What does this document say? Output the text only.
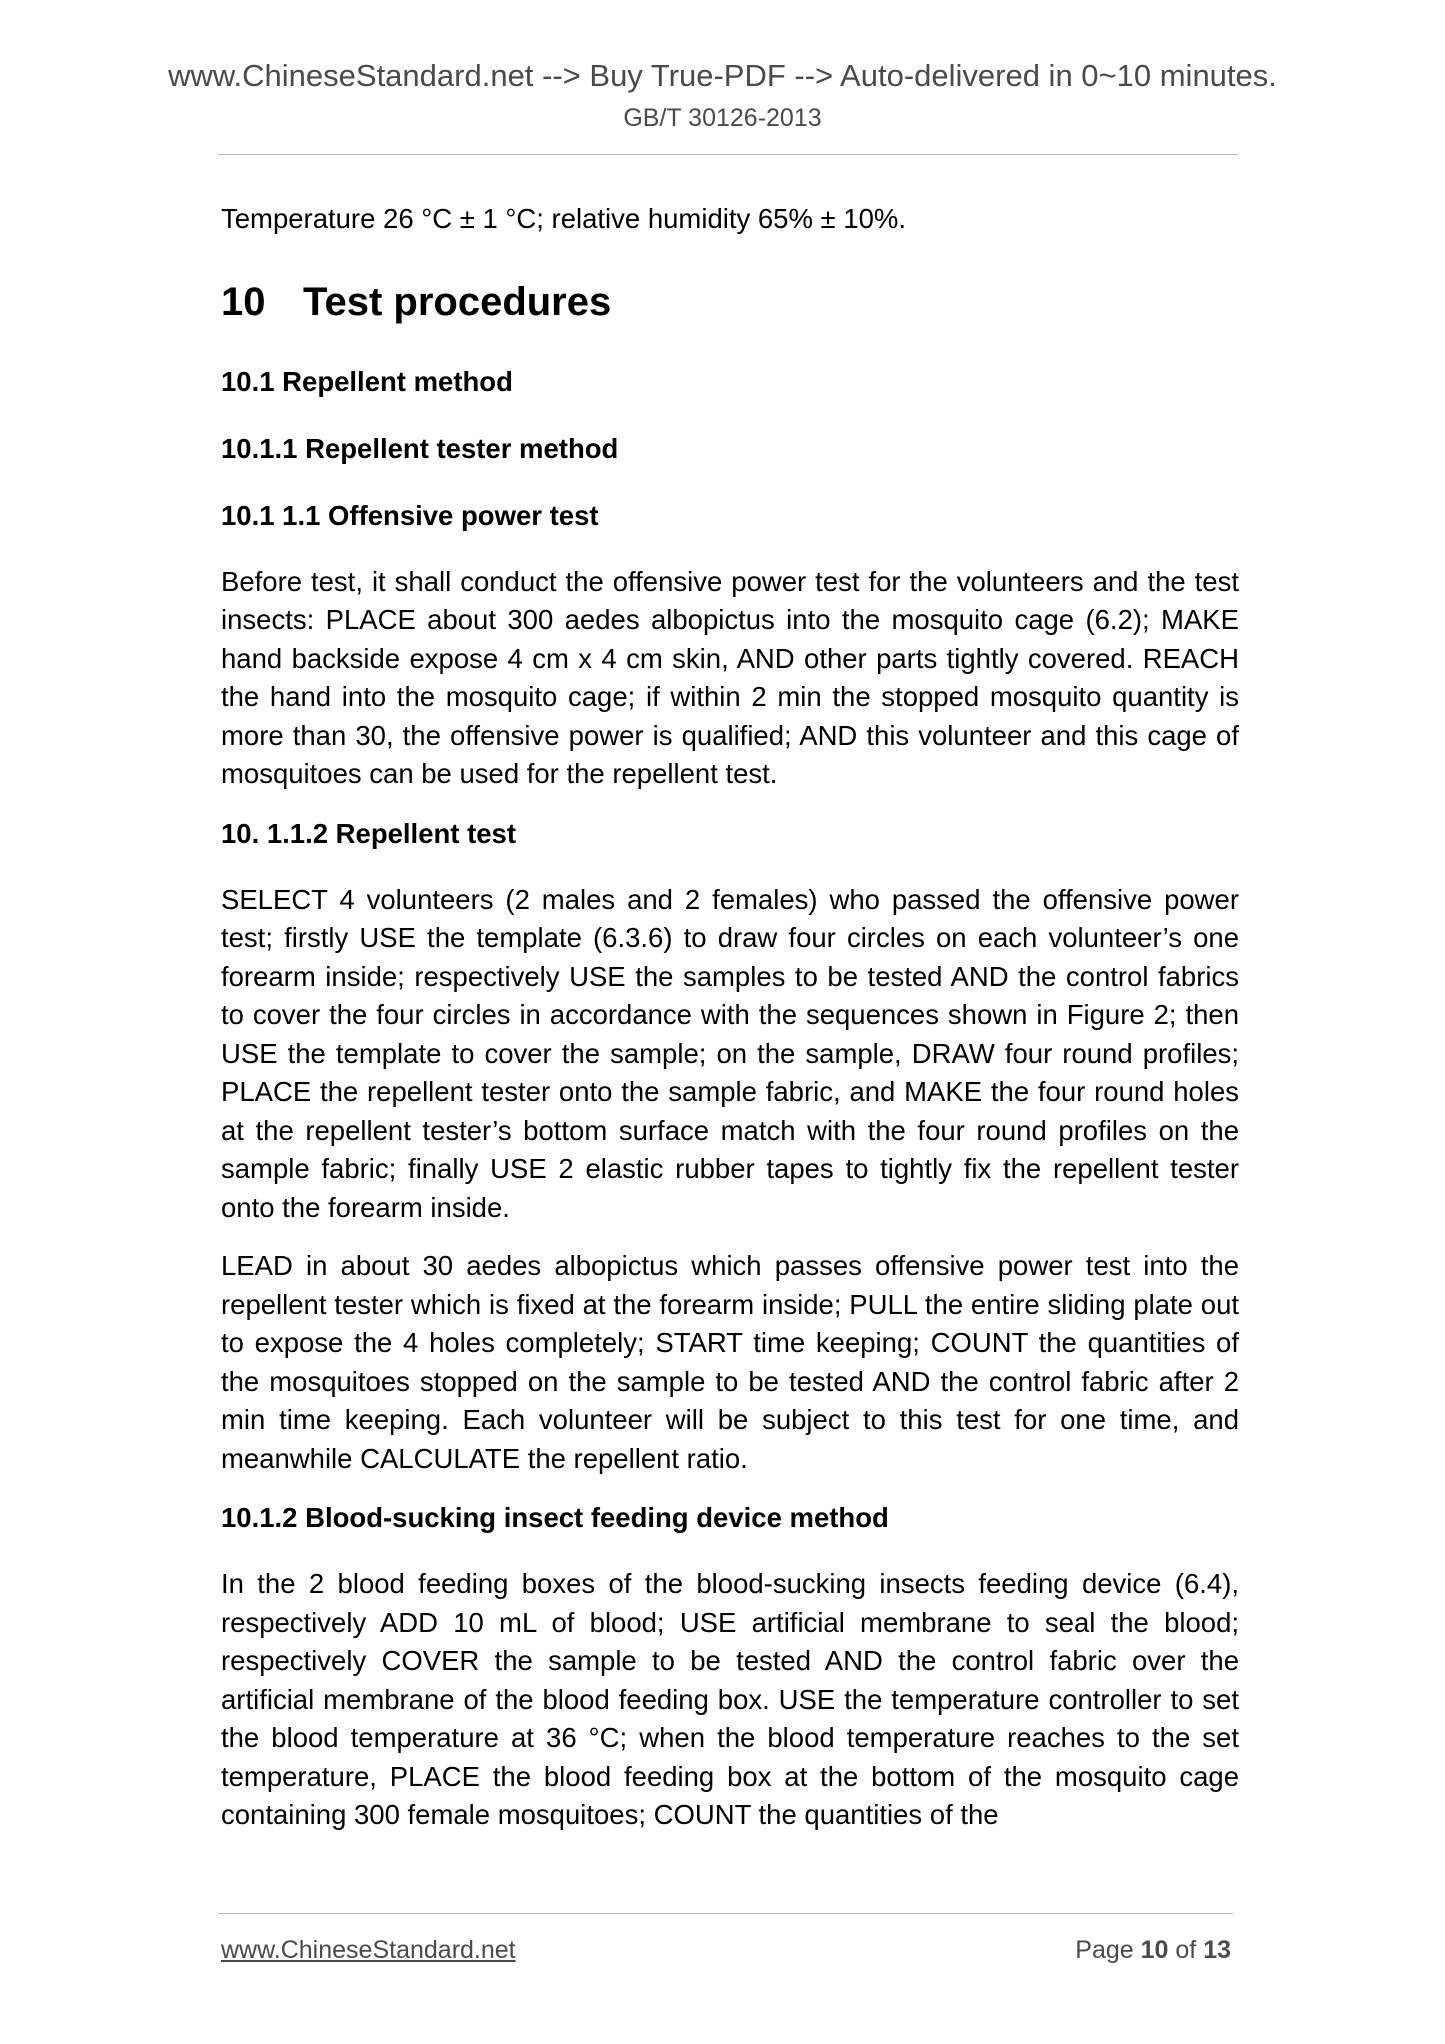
www.ChineseStandard.net --> Buy True-PDF --> Auto-delivered in 0~10 minutes.
GB/T 30126-2013

Temperature 26 °C ± 1 °C; relative humidity 65% ± 10%.

10 Test procedures
10.1 Repellent method
10.1.1 Repellent tester method
10.1 1.1 Offensive power test

Before test, it shall conduct the offensive power test for the volunteers and the test insects: PLACE about 300 aedes albopictus into the mosquito cage (6.2); MAKE hand backside expose 4 cm x 4 cm skin, AND other parts tightly covered. REACH the hand into the mosquito cage; if within 2 min the stopped mosquito quantity is more than 30, the offensive power is qualified; AND this volunteer and this cage of mosquitoes can be used for the repellent test.

10. 1.1.2 Repellent test

SELECT 4 volunteers (2 males and 2 females) who passed the offensive power test; firstly USE the template (6.3.6) to draw four circles on each volunteer’s one forearm inside; respectively USE the samples to be tested AND the control fabrics to cover the four circles in accordance with the sequences shown in Figure 2; then USE the template to cover the sample; on the sample, DRAW four round profiles; PLACE the repellent tester onto the sample fabric, and MAKE the four round holes at the repellent tester’s bottom surface match with the four round profiles on the sample fabric; finally USE 2 elastic rubber tapes to tightly fix the repellent tester onto the forearm inside.

LEAD in about 30 aedes albopictus which passes offensive power test into the repellent tester which is fixed at the forearm inside; PULL the entire sliding plate out to expose the 4 holes completely; START time keeping; COUNT the quantities of the mosquitoes stopped on the sample to be tested AND the control fabric after 2 min time keeping. Each volunteer will be subject to this test for one time, and meanwhile CALCULATE the repellent ratio.

10.1.2 Blood-sucking insect feeding device method

In the 2 blood feeding boxes of the blood-sucking insects feeding device (6.4), respectively ADD 10 mL of blood; USE artificial membrane to seal the blood; respectively COVER the sample to be tested AND the control fabric over the artificial membrane of the blood feeding box. USE the temperature controller to set the blood temperature at 36 °C; when the blood temperature reaches to the set temperature, PLACE the blood feeding box at the bottom of the mosquito cage containing 300 female mosquitoes; COUNT the quantities of the

www.ChineseStandard.net	Page 10 of 13
